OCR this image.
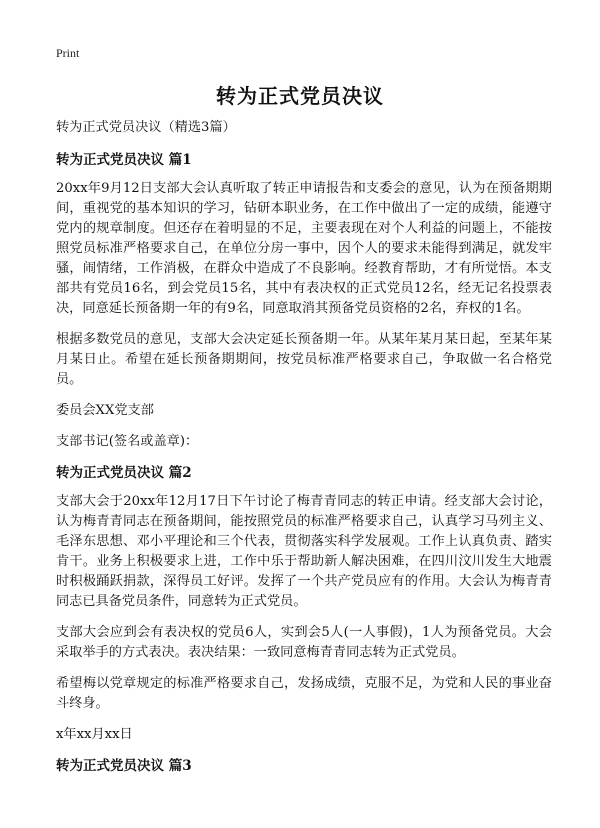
Print
转为正式党员决议

转为正式党员决议（精选3篇）

转为正式党员决议 篇1

20xx年9月12日支部大会认真听取了转正申请报告和支委会的意见，认为在预备期期间，重视党的基本知识的学习，钻研本职业务，在工作中做出了一定的成绩，能遵守党内的规章制度。但还存在着明显的不足，主要表现在对个人利益的问题上，不能按照党员标准严格要求自己，在单位分房一事中，因个人的要求未能得到满足，就发牢骚，闹情绪，工作消极，在群众中造成了不良影响。经教育帮助，才有所觉悟。本支部共有党员16名，到会党员15名，其中有表决权的正式党员12名，经无记名投票表决，同意延长预备期一年的有9名，同意取消其预备党员资格的2名，弃权的1名。

根据多数党员的意见，支部大会决定延长预备期一年。从某年某月某日起，至某年某月某日止。希望在延长预备期期间，按党员标准严格要求自己，争取做一名合格党员。

委员会XX党支部

支部书记(签名或盖章)：

转为正式党员决议 篇2

支部大会于20xx年12月17日下午讨论了梅青青同志的转正申请。经支部大会讨论，认为梅青青同志在预备期间，能按照党员的标准严格要求自己，认真学习马列主义、毛泽东思想、邓小平理论和三个代表，贯彻落实科学发展观。工作上认真负责、踏实肯干。业务上积极要求上进，工作中乐于帮助新人解决困难，在四川汶川发生大地震时积极踊跃捐款，深得员工好评。发挥了一个共产党员应有的作用。大会认为梅青青同志已具备党员条件，同意转为正式党员。

支部大会应到会有表决权的党员6人，实到会5人(一人事假)，1人为预备党员。大会采取举手的方式表决。表决结果：一致同意梅青青同志转为正式党员。

希望梅以党章规定的标准严格要求自己，发扬成绩，克服不足，为党和人民的事业奋斗终身。

x年xx月xx日

转为正式党员决议 篇3
